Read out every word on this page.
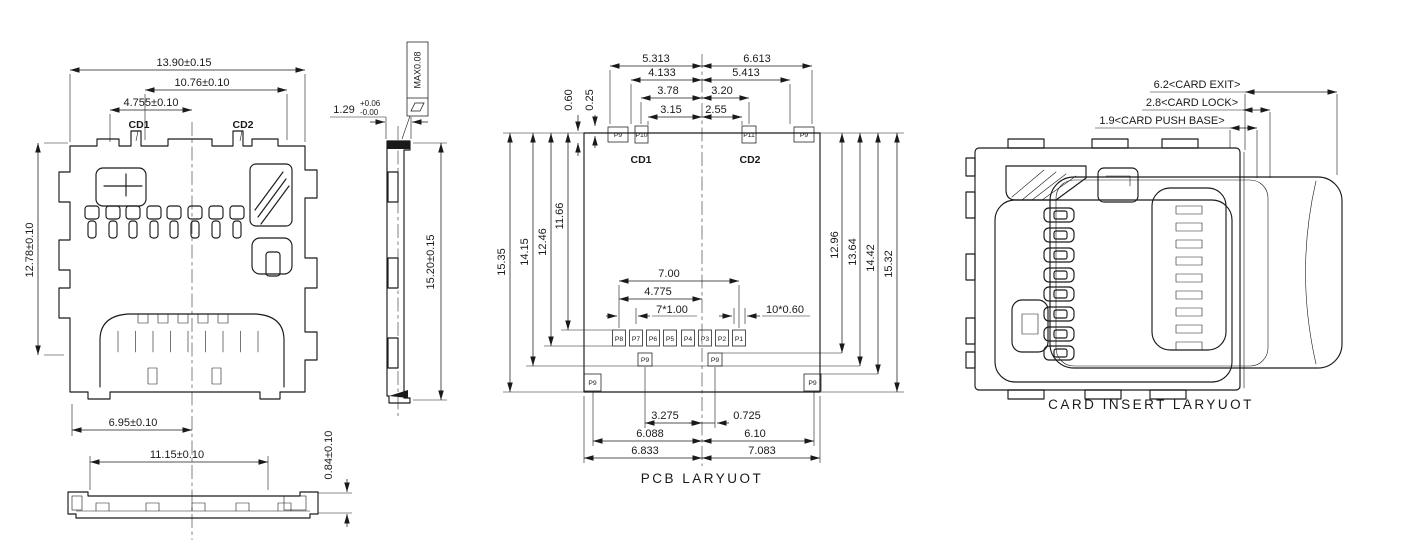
13.90±0.15
10.76±0.10
4.755±0.10
CD1	CD2
12.78±0.10
6.95±0.10
11.15±0.10	0.84±0.10
MAX0.08
1.29
+0.06
-0.00
15.20±0.15
P9 P10	P11	P9
CD1	CD2
P8 P7 P6 P5 P4 P3 P2 P1
P9	P9
P9	P9
5.313	6.613
4.133	5.413
3.78	3.20
3.15 2.55
0.60 0.25
15.35 14.15 12.46
11.66
12.96 13.64 14.42 15.32
7.00
4.775
7*1.00	10*0.60
3.275	0.725
6.088	6.10
6.833	7.083
PCB LARYUOT
6.2<CARD EXIT>
2.8<CARD LOCK>
1.9<CARD PUSH BASE>
CARD INSERT LARYUOT
